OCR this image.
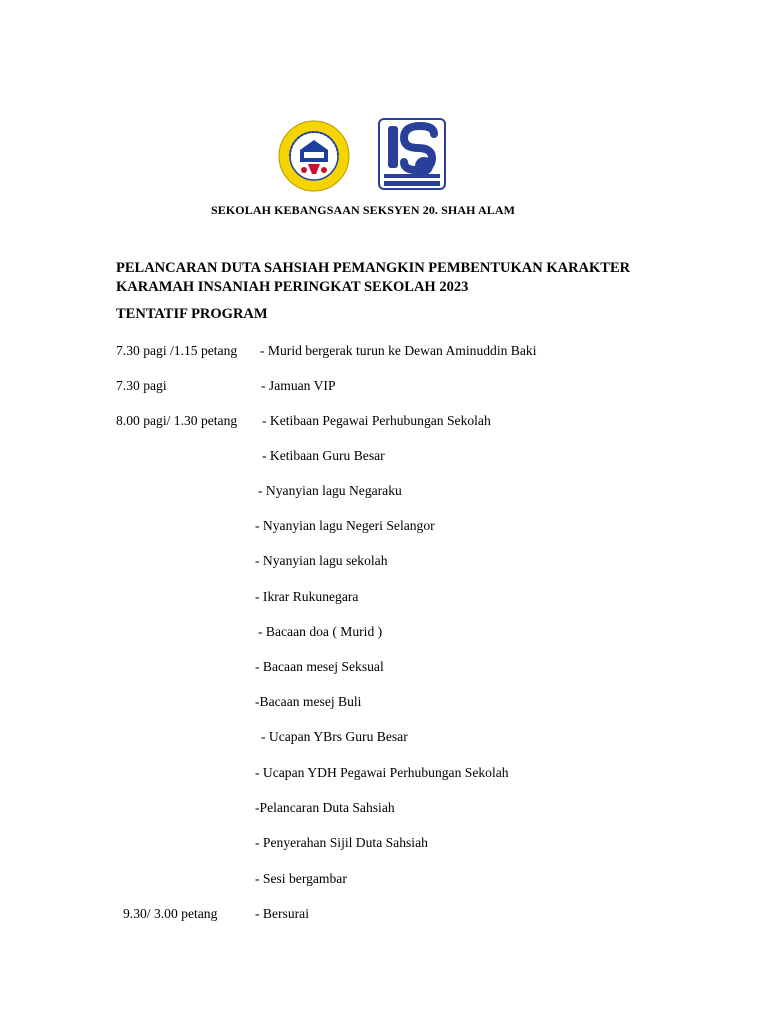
SEKOLAH KEBANGSAAN SEKSYEN 20. SHAH ALAM
PELANCARAN DUTA SAHSIAH PEMANGKIN PEMBENTUKAN KARAKTER
KARAMAH INSANIAH PERINGKAT SEKOLAH 2023
TENTATIF PROGRAM

7.30 pagi /1.15 petang

- Murid bergerak turun ke Dewan Aminuddin Baki

7.30 pagi

	- Jamuan VIP

8.00 pagi/ 1.30 petang

- Ketibaan Pegawai Perhubungan Sekolah

- Ketibaan Guru Besar

- Nyanyian lagu Negaraku

- Nyanyian lagu Negeri Selangor

- Nyanyian lagu sekolah

- Ikrar Rukunegara

- Bacaan doa ( Murid )

- Bacaan mesej Seksual

-Bacaan mesej Buli

- Ucapan YBrs Guru Besar

- Ucapan YDH Pegawai Perhubungan Sekolah

-Pelancaran Duta Sahsiah

- Penyerahan Sijil Duta Sahsiah

- Sesi bergambar

9.30/ 3.00 petang

	- Bersurai
